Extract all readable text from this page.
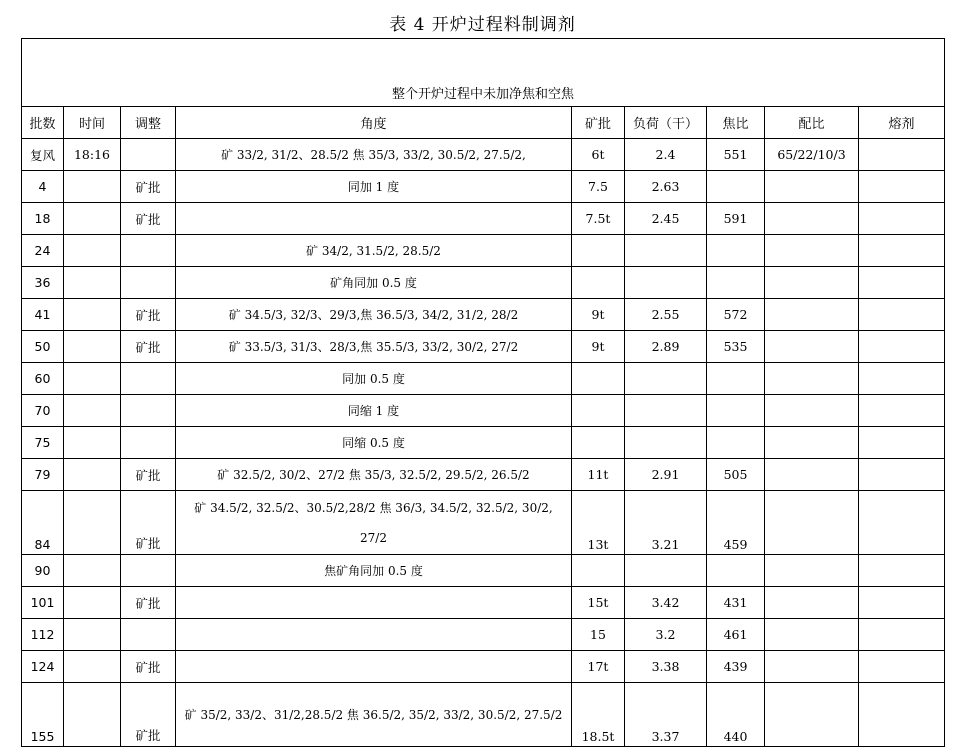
表 4 开炉过程料制调剂
整个开炉过程中未加净焦和空焦								
批数	时间	调整	角度	矿批	负荷（干）	焦比	配比	熔剂
复风	18:16		矿 33/2, 31/2、28.5/2 焦 35/3, 33/2, 30.5/2, 27.5/2,	6t	2.4	551	65/22/10/3	
4		矿批	同加 1 度	7.5	2.63			
18		矿批		7.5t	2.45	591		
24			矿 34/2, 31.5/2, 28.5/2					
36			矿角同加 0.5 度					
41		矿批	矿 34.5/3, 32/3、29/3,焦 36.5/3, 34/2, 31/2, 28/2	9t	2.55	572		
50		矿批	矿 33.5/3, 31/3、28/3,焦 35.5/3, 33/2, 30/2, 27/2	9t	2.89	535		
60			同加 0.5 度					
70			同缩 1 度					
75			同缩 0.5 度					
79		矿批	矿 32.5/2, 30/2、27/2 焦 35/3, 32.5/2, 29.5/2, 26.5/2	11t	2.91	505		
84		矿批	矿 34.5/2, 32.5/2、30.5/2,28/2 焦 36/3, 34.5/2, 32.5/2, 30/2, 27/2	13t	3.21	459		
90			焦矿角同加 0.5 度					
101		矿批		15t	3.42	431		
112				15	3.2	461		
124		矿批		17t	3.38	439		
155		矿批	矿 35/2, 33/2、31/2,28.5/2 焦 36.5/2, 35/2, 33/2, 30.5/2, 27.5/2	18.5t	3.37	440		
